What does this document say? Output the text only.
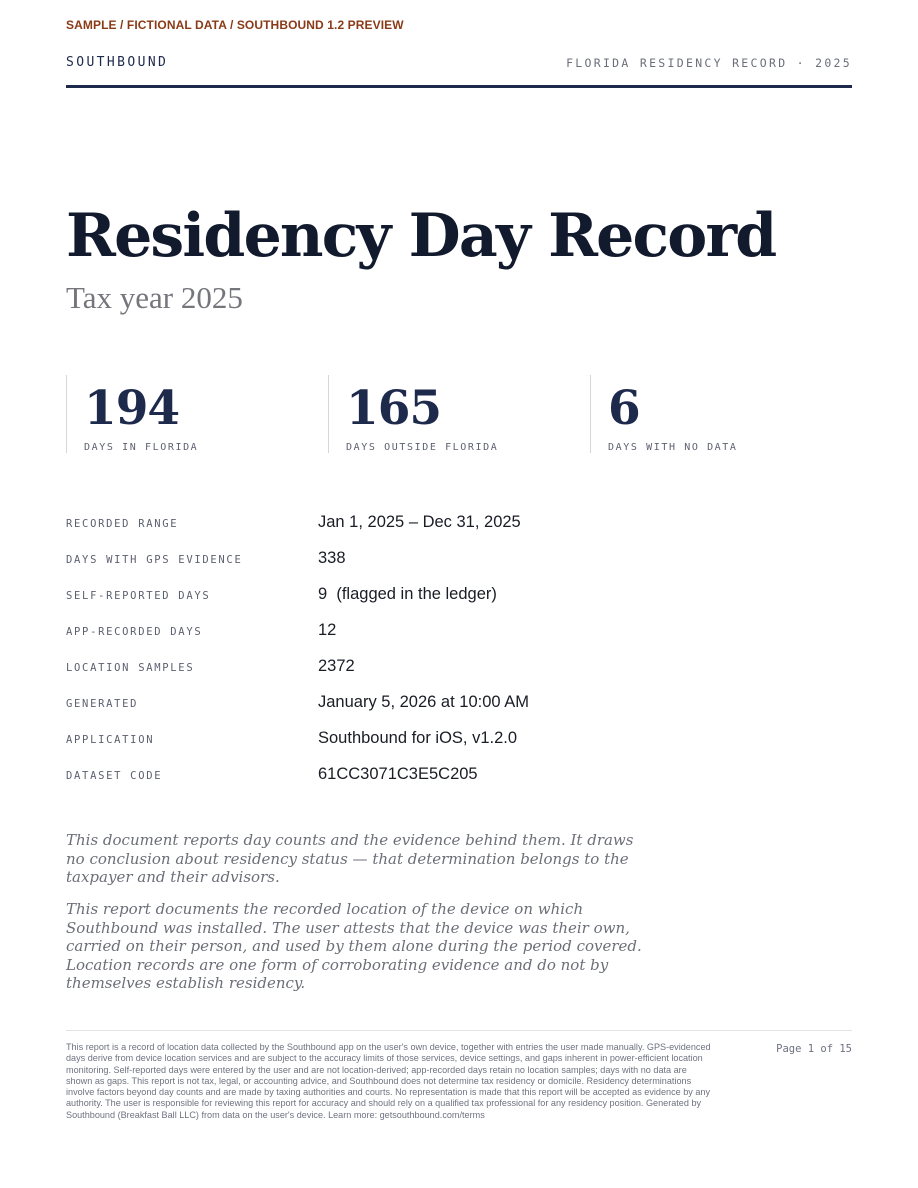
SAMPLE / FICTIONAL DATA / SOUTHBOUND 1.2 PREVIEW
SOUTHBOUND	FLORIDA RESIDENCY RECORD · 2025
Residency Day Record
Tax year 2025
194
DAYS IN FLORIDA
165
DAYS OUTSIDE FLORIDA
6
DAYS WITH NO DATA
RECORDED RANGE	Jan 1, 2025 – Dec 31, 2025
DAYS WITH GPS EVIDENCE	338
SELF-REPORTED DAYS	9  (flagged in the ledger)
APP-RECORDED DAYS	12
LOCATION SAMPLES	2372
GENERATED	January 5, 2026 at 10:00 AM
APPLICATION	Southbound for iOS, v1.2.0
DATASET CODE	61CC3071C3E5C205

This document reports day counts and the evidence behind them. It draws no conclusion about residency status — that determination belongs to the taxpayer and their advisors.

This report documents the recorded location of the device on which Southbound was installed. The user attests that the device was their own, carried on their person, and used by them alone during the period covered. Location records are one form of corroborating evidence and do not by themselves establish residency.

This report is a record of location data collected by the Southbound app on the user's own device, together with entries the user made manually. GPS-evidenced days derive from device location services and are subject to the accuracy limits of those services, device settings, and gaps inherent in power-efficient location monitoring. Self-reported days were entered by the user and are not location-derived; app-recorded days retain no location samples; days with no data are shown as gaps. This report is not tax, legal, or accounting advice, and Southbound does not determine tax residency or domicile. Residency determinations involve factors beyond day counts and are made by taxing authorities and courts. No representation is made that this report will be accepted as evidence by any authority. The user is responsible for reviewing this report for accuracy and should rely on a qualified tax professional for any residency position. Generated by Southbound (Breakfast Ball LLC) from data on the user's device. Learn more: getsouthbound.com/terms

Page 1 of 15
